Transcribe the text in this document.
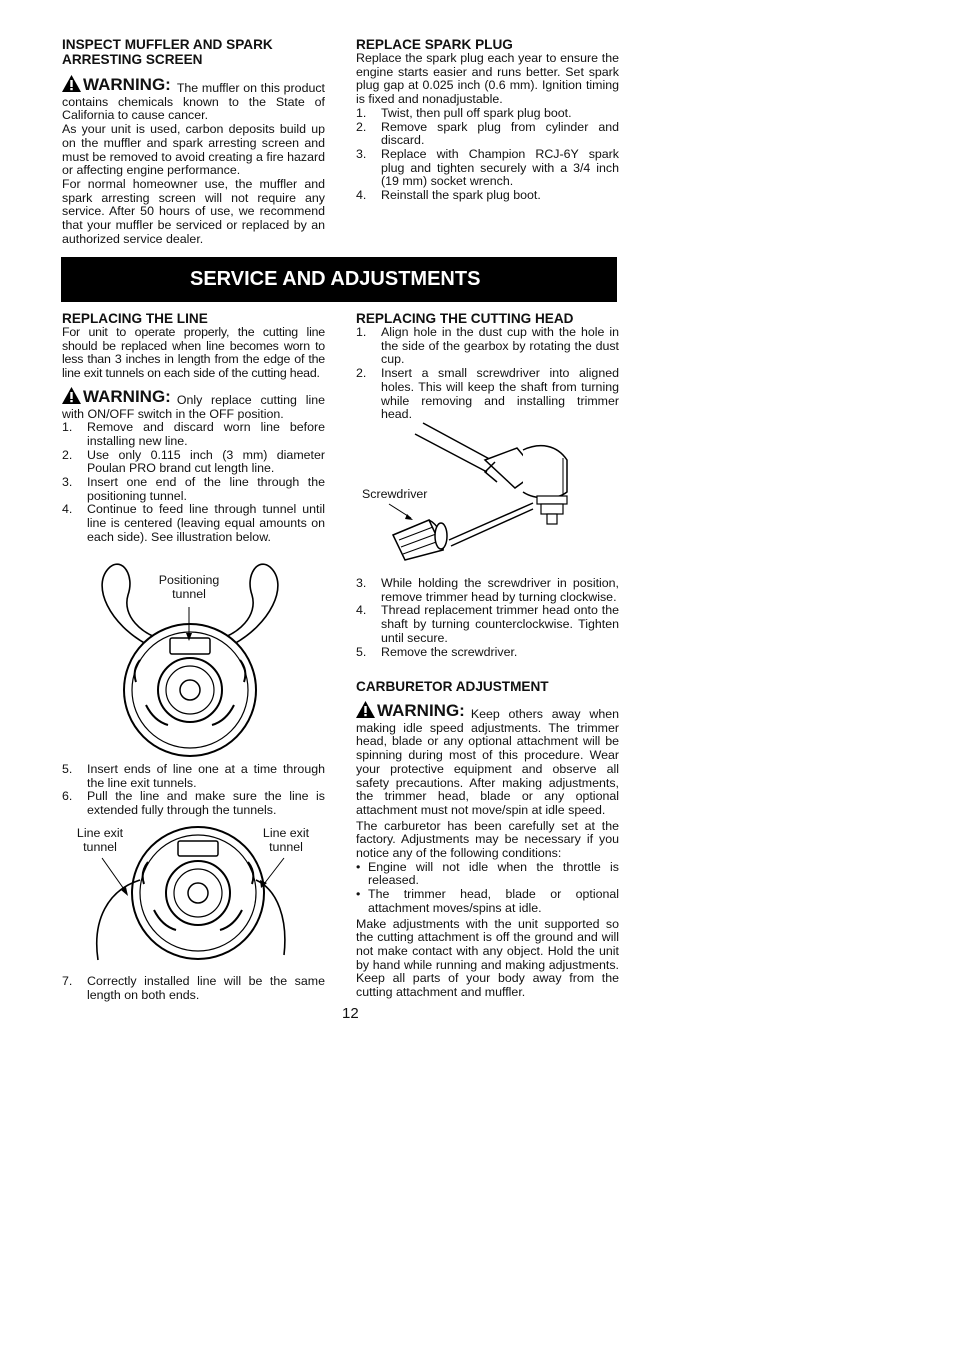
INSPECT MUFFLER AND SPARK ARRESTING SCREEN

WARNING: The muffler on this product contains chemicals known to the State of California to cause cancer.

As your unit is used, carbon deposits build up on the muffler and spark arresting screen and must be removed to avoid creating a fire hazard or affecting engine performance.

For normal homeowner use, the muffler and spark arresting screen will not require any service. After 50 hours of use, we recommend that your muffler be serviced or replaced by an authorized service dealer.

REPLACE SPARK PLUG

Replace the spark plug each year to ensure the engine starts easier and runs better. Set spark plug gap at 0.025 inch (0.6 mm). Ignition timing is fixed and nonadjustable.

1. Twist, then pull off spark plug boot.
2. Remove spark plug from cylinder and discard.
3. Replace with Champion RCJ-6Y spark plug and tighten securely with a 3/4 inch (19 mm) socket wrench.
4. Reinstall the spark plug boot.
SERVICE AND ADJUSTMENTS
REPLACING THE LINE

For unit to operate properly, the cutting line should be replaced when line becomes worn to less than 3 inches in length from the edge of the line exit tunnels on each side of the cutting head.

WARNING: Only replace cutting line with ON/OFF switch in the OFF position.

1. Remove and discard worn line before installing new line.
2. Use only 0.115 inch (3 mm) diameter Poulan PRO brand cut length line.
3. Insert one end of the line through the positioning tunnel.
4. Continue to feed line through tunnel until line is centered (leaving equal amounts on each side). See illustration below.
Positioning tunnel
5. Insert ends of line one at a time through the line exit tunnels.
6. Pull the line and make sure the line is extended fully through the tunnels.
Line exit tunnel
Line exit tunnel
7. Correctly installed line will be the same length on both ends.
REPLACING THE CUTTING HEAD
1. Align hole in the dust cup with the hole in the side of the gearbox by rotating the dust cup.
2. Insert a small screwdriver into aligned holes. This will keep the shaft from turning while removing and installing trimmer head.
Screwdriver
3. While holding the screwdriver in position, remove trimmer head by turning clockwise.
4. Thread replacement trimmer head onto the shaft by turning counterclockwise. Tighten until secure.
5. Remove the screwdriver.
CARBURETOR ADJUSTMENT

WARNING: Keep others away when making idle speed adjustments. The trimmer head, blade or any optional attachment will be spinning during most of this procedure. Wear your protective equipment and observe all safety precautions. After making adjustments, the trimmer head, blade or any optional attachment must not move/spin at idle speed.

The carburetor has been carefully set at the factory. Adjustments may be necessary if you notice any of the following conditions:

• Engine will not idle when the throttle is released.
• The trimmer head, blade or optional attachment moves/spins at idle.

Make adjustments with the unit supported so the cutting attachment is off the ground and will not make contact with any object. Hold the unit by hand while running and making adjustments. Keep all parts of your body away from the cutting attachment and muffler.

12
